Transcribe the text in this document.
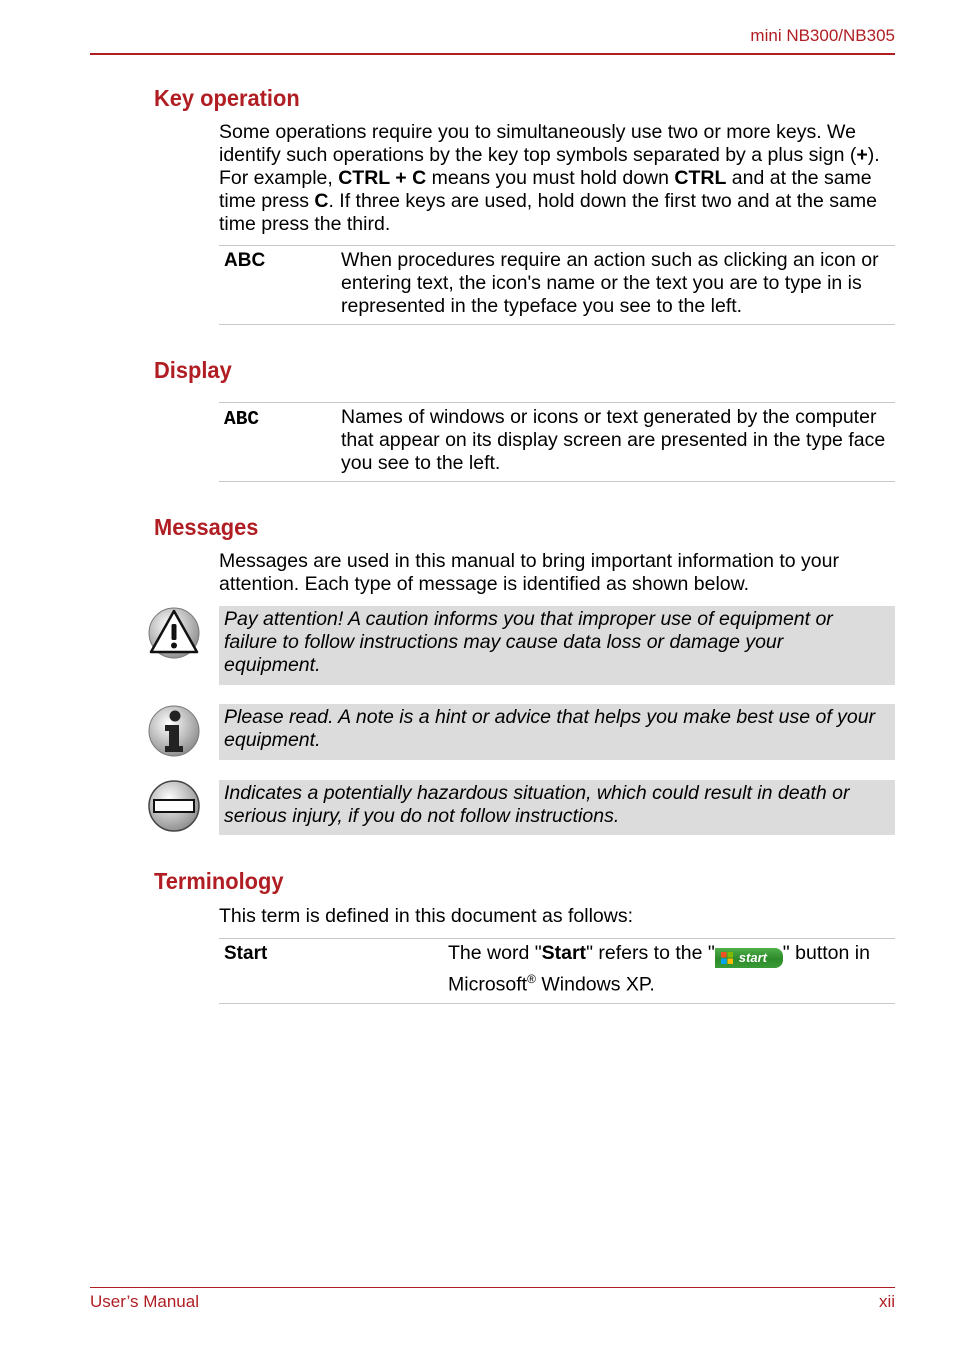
mini NB300/NB305
Key operation

Some operations require you to simultaneously use two or more keys. We identify such operations by the key top symbols separated by a plus sign (+). For example, CTRL + C means you must hold down CTRL and at the same time press C. If three keys are used, hold down the first two and at the same time press the third.

ABC	When procedures require an action such as clicking an icon or entering text, the icon's name or the text you are to type in is represented in the typeface you see to the left.
Display
ABC	Names of windows or icons or text generated by the computer that appear on its display screen are presented in the type face you see to the left.
Messages

Messages are used in this manual to bring important information to your attention. Each type of message is identified as shown below.

Pay attention! A caution informs you that improper use of equipment or failure to follow instructions may cause data loss or damage your equipment.
Please read. A note is a hint or advice that helps you make best use of your equipment.
Indicates a potentially hazardous situation, which could result in death or serious injury, if you do not follow instructions.
Terminology

This term is defined in this document as follows:

Start	The word "Start" refers to the " start " button in Microsoft® Windows XP.
User’s Manual	xii
